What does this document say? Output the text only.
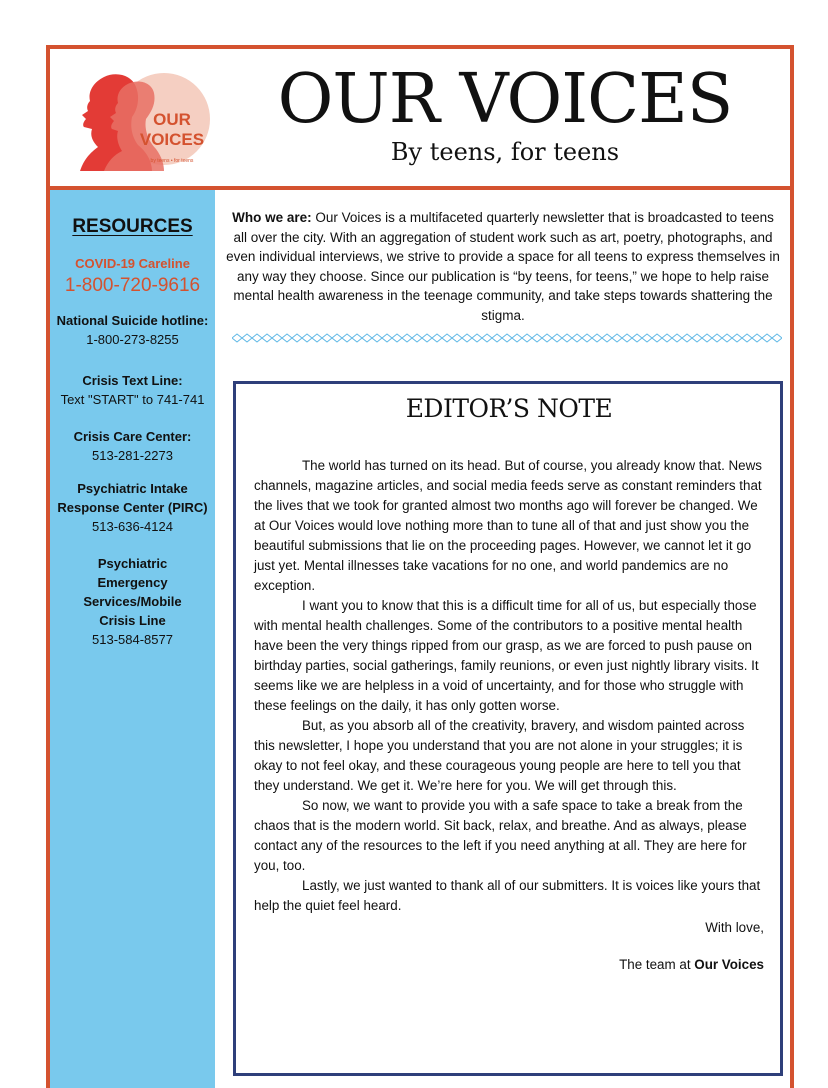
OUR
VOICES
by teens • for teens
OUR VOICES
By teens, for teens
RESOURCES
COVID-19 Careline
1-800-720-9616
National Suicide hotline:
1-800-273-8255
Crisis Text Line:
Text "START" to 741-741
Crisis Care Center:
513-281-2273
Psychiatric Intake Response Center (PIRC)
513-636-4124
Psychiatric Emergency Services/Mobile Crisis Line
513-584-8577
Who we are: Our Voices is a multifaceted quarterly newsletter that is broadcasted to teens all over the city. With an aggregation of student work such as art, poetry, photographs, and even individual interviews, we strive to provide a space for all teens to express themselves in any way they choose. Since our publication is “by teens, for teens,” we hope to help raise mental health awareness in the teenage community, and take steps towards shattering the stigma.
EDITOR’S NOTE

The world has turned on its head. But of course, you already know that. News channels, magazine articles, and social media feeds serve as constant reminders that the lives that we took for granted almost two months ago will forever be changed. We at Our Voices would love nothing more than to tune all of that and just show you the beautiful submissions that lie on the proceeding pages. However, we cannot let it go just yet. Mental illnesses take vacations for no one, and world pandemics are no exception.

I want you to know that this is a difficult time for all of us, but especially those with mental health challenges. Some of the contributors to a positive mental health have been the very things ripped from our grasp, as we are forced to push pause on birthday parties, social gatherings, family reunions, or even just nightly library visits. It seems like we are helpless in a void of uncertainty, and for those who struggle with these feelings on the daily, it has only gotten worse.

But, as you absorb all of the creativity, bravery, and wisdom painted across this newsletter, I hope you understand that you are not alone in your struggles; it is okay to not feel okay, and these courageous young people are here to tell you that they understand. We get it. We’re here for you. We will get through this.

So now, we want to provide you with a safe space to take a break from the chaos that is the modern world. Sit back, relax, and breathe. And as always, please contact any of the resources to the left if you need anything at all. They are here for you, too.

Lastly, we just wanted to thank all of our submitters. It is voices like yours that help the quiet feel heard.

With love,
The team at Our Voices
